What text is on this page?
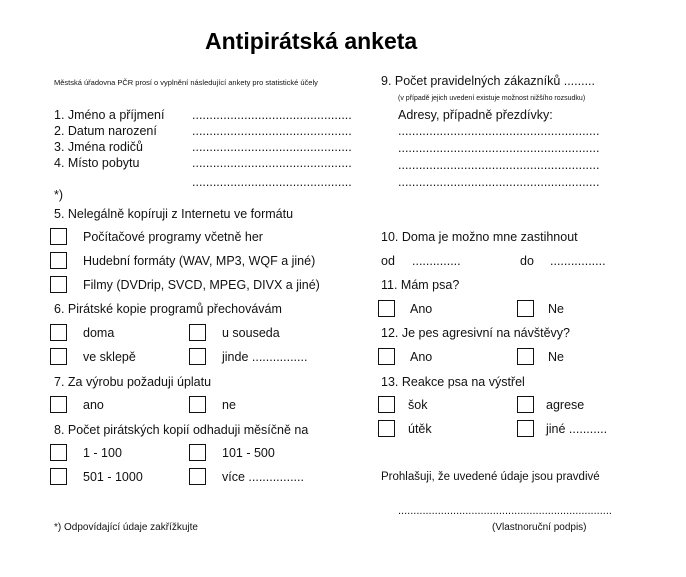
Antipirátská anketa
Městská úřadovna PČR prosí o vyplnění následující ankety pro statistické účely
1. Jméno a příjmení ..............................................
2. Datum narození	..............................................
3. Jména rodičů	..............................................
4. Místo pobytu	..............................................
..............................................
*)
5. Nelegálně kopíruji z Internetu ve formátu
Počítačové programy včetně her
Hudební formáty (WAV, MP3, WQF a jiné)
Filmy (DVDrip, SVCD, MPEG, DIVX a jiné)
6. Pirátské kopie programů přechovávám
doma	u souseda
ve sklepě	jinde ................
7. Za výrobu požaduji úplatu
ano	ne
8. Počet pirátských kopií odhaduji měsíčně na
1 - 100	101 - 500
501 - 1000	více ................
9. Počet pravidelných zákazníků .........
(v případě jejich uvedení existuje možnost nižšího rozsudku)
Adresy, případně přezdívky:
..........................................................
..........................................................
..........................................................
..........................................................
10. Doma je možno mne zastihnout
od ..............	do ................
11. Mám psa?
Ano	Ne
12. Je pes agresivní na návštěvy?
Ano	Ne
13. Reakce psa na výstřel
šok	agrese
útěk	jiné ...........
Prohlašuji, že uvedené údaje jsou pravdivé
......................................................................
(Vlastnoruční podpis)
*) Odpovídající údaje zakřížkujte
